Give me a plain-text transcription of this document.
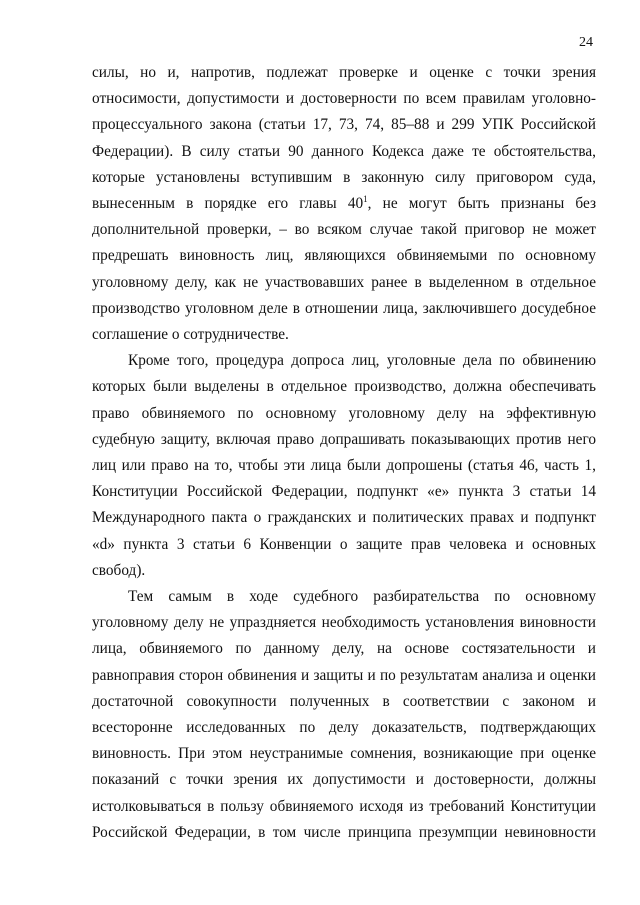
24

силы, но и, напротив, подлежат проверке и оценке с точки зрения относимости, допустимости и достоверности по всем правилам уголовно-процессуального закона (статьи 17, 73, 74, 85–88 и 299 УПК Российской Федерации). В силу статьи 90 данного Кодекса даже те обстоятельства, которые установлены вступившим в законную силу приговором суда, вынесенным в порядке его главы $40^1$, не могут быть признаны без дополнительной проверки, – во всяком случае такой приговор не может предрешать виновность лиц, являющихся обвиняемыми по основному уголовному делу, как не участвовавших ранее в выделенном в отдельное производство уголовном деле в отношении лица, заключившего досудебное соглашение о сотрудничестве.

Кроме того, процедура допроса лиц, уголовные дела по обвинению которых были выделены в отдельное производство, должна обеспечивать право обвиняемого по основному уголовному делу на эффективную судебную защиту, включая право допрашивать показывающих против него лиц или право на то, чтобы эти лица были допрошены (статья 46, часть 1, Конституции Российской Федерации, подпункт «е» пункта 3 статьи 14 Международного пакта о гражданских и политических правах и подпункт «d» пункта 3 статьи 6 Конвенции о защите прав человека и основных свобод).

Тем самым в ходе судебного разбирательства по основному уголовному делу не упраздняется необходимость установления виновности лица, обвиняемого по данному делу, на основе состязательности и равноправия сторон обвинения и защиты и по результатам анализа и оценки достаточной совокупности полученных в соответствии с законом и всесторонне исследованных по делу доказательств, подтверждающих виновность. При этом неустранимые сомнения, возникающие при оценке показаний с точки зрения их допустимости и достоверности, должны истолковываться в пользу обвиняемого исходя из требований Конституции Российской Федерации, в том числе принципа презумпции невиновности
